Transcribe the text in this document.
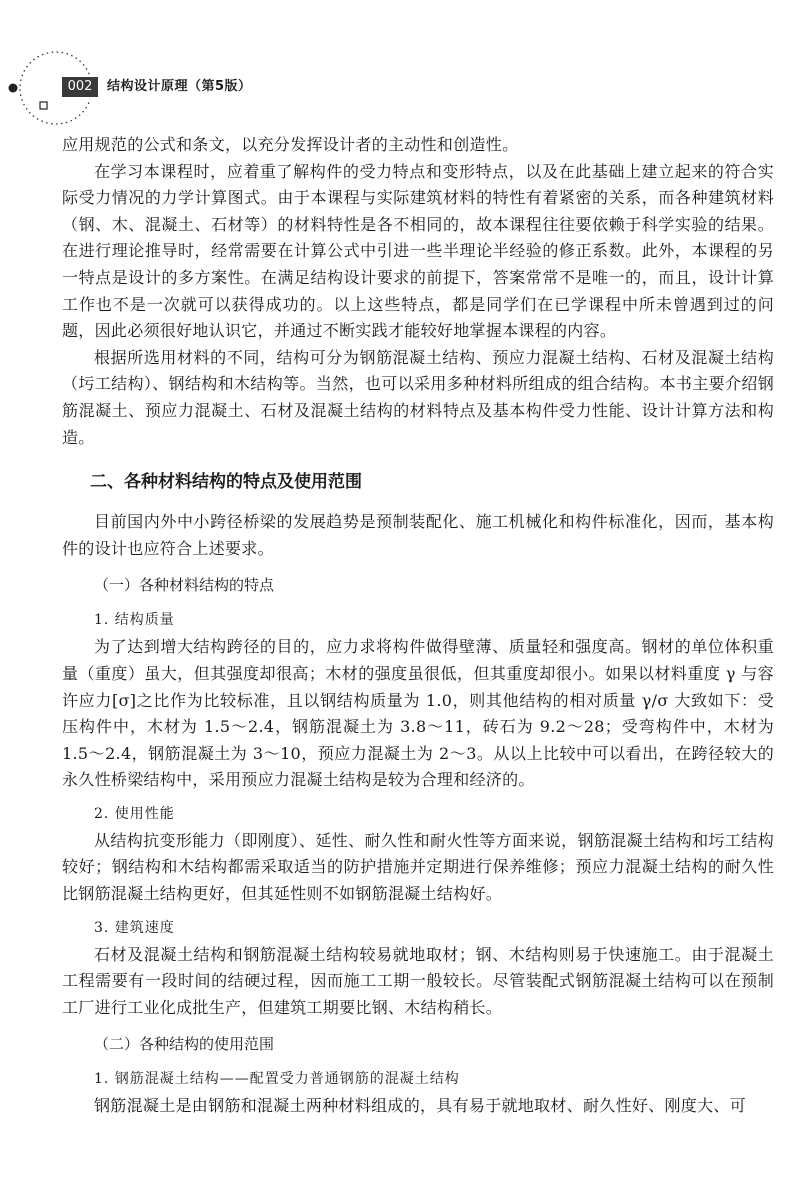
002	结构设计原理（第5版）

应用规范的公式和条文，以充分发挥设计者的主动性和创造性。

在学习本课程时，应着重了解构件的受力特点和变形特点，以及在此基础上建立起来的符合实际受力情况的力学计算图式。由于本课程与实际建筑材料的特性有着紧密的关系，而各种建筑材料（钢、木、混凝土、石材等）的材料特性是各不相同的，故本课程往往要依赖于科学实验的结果。在进行理论推导时，经常需要在计算公式中引进一些半理论半经验的修正系数。此外，本课程的另一特点是设计的多方案性。在满足结构设计要求的前提下，答案常常不是唯一的，而且，设计计算工作也不是一次就可以获得成功的。以上这些特点，都是同学们在已学课程中所未曾遇到过的问题，因此必须很好地认识它，并通过不断实践才能较好地掌握本课程的内容。

根据所选用材料的不同，结构可分为钢筋混凝土结构、预应力混凝土结构、石材及混凝土结构（圬工结构）、钢结构和木结构等。当然，也可以采用多种材料所组成的组合结构。本书主要介绍钢筋混凝土、预应力混凝土、石材及混凝土结构的材料特点及基本构件受力性能、设计计算方法和构造。

二、各种材料结构的特点及使用范围

目前国内外中小跨径桥梁的发展趋势是预制装配化、施工机械化和构件标准化，因而，基本构件的设计也应符合上述要求。

（一）各种材料结构的特点
1. 结构质量

为了达到增大结构跨径的目的，应力求将构件做得壁薄、质量轻和强度高。钢材的单位体积重量（重度）虽大，但其强度却很高；木材的强度虽很低，但其重度却很小。如果以材料重度 γ 与容许应力[σ]之比作为比较标准，且以钢结构质量为 1.0，则其他结构的相对质量 γ/σ 大致如下：受压构件中，木材为 1.5～2.4，钢筋混凝土为 3.8～11，砖石为 9.2～28；受弯构件中，木材为 1.5～2.4，钢筋混凝土为 3～10，预应力混凝土为 2～3。从以上比较中可以看出，在跨径较大的永久性桥梁结构中，采用预应力混凝土结构是较为合理和经济的。

2. 使用性能

从结构抗变形能力（即刚度）、延性、耐久性和耐火性等方面来说，钢筋混凝土结构和圬工结构较好；钢结构和木结构都需采取适当的防护措施并定期进行保养维修；预应力混凝土结构的耐久性比钢筋混凝土结构更好，但其延性则不如钢筋混凝土结构好。

3. 建筑速度

石材及混凝土结构和钢筋混凝土结构较易就地取材；钢、木结构则易于快速施工。由于混凝土工程需要有一段时间的结硬过程，因而施工工期一般较长。尽管装配式钢筋混凝土结构可以在预制工厂进行工业化成批生产，但建筑工期要比钢、木结构稍长。

（二）各种结构的使用范围
1. 钢筋混凝土结构——配置受力普通钢筋的混凝土结构

钢筋混凝土是由钢筋和混凝土两种材料组成的，具有易于就地取材、耐久性好、刚度大、可
